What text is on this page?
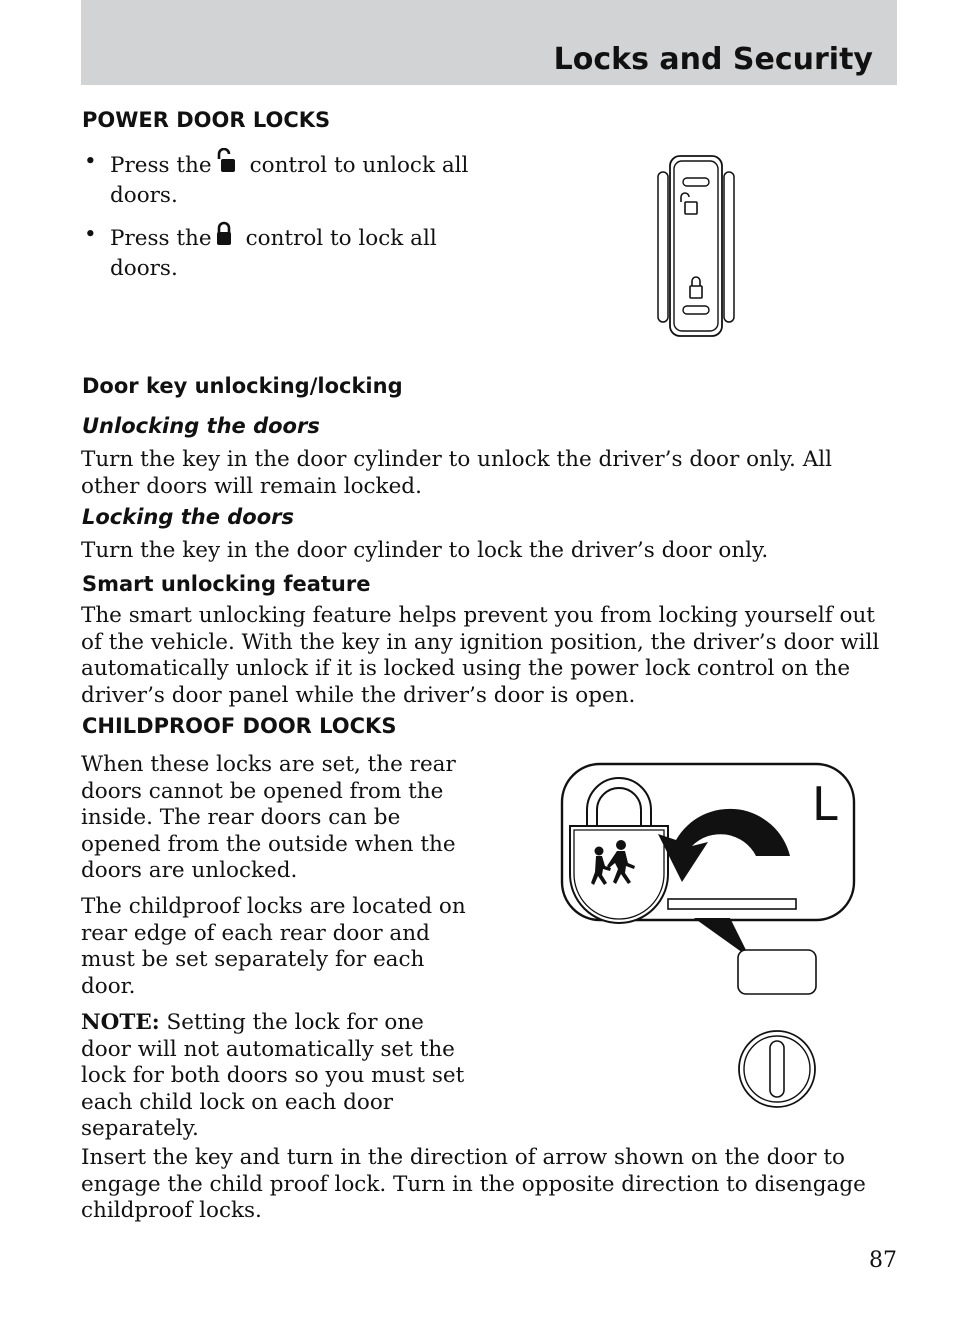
Locks and Security
POWER DOOR LOCKS
• Press the control to unlock all doors.
• Press the control to lock all doors.
Door key unlocking/locking
Unlocking the doors

Turn the key in the door cylinder to unlock the driver’s door only. All other doors will remain locked.

Locking the doors

Turn the key in the door cylinder to lock the driver’s door only.

Smart unlocking feature

The smart unlocking feature helps prevent you from locking yourself out of the vehicle. With the key in any ignition position, the driver’s door will automatically unlock if it is locked using the power lock control on the driver’s door panel while the driver’s door is open.

CHILDPROOF DOOR LOCKS

When these locks are set, the rear doors cannot be opened from the inside. The rear doors can be opened from the outside when the doors are unlocked.

The childproof locks are located on rear edge of each rear door and must be set separately for each door.

NOTE: Setting the lock for one door will not automatically set the lock for both doors so you must set each child lock on each door separately.

Insert the key and turn in the direction of arrow shown on the door to engage the child proof lock. Turn in the opposite direction to disengage childproof locks.

L
87
